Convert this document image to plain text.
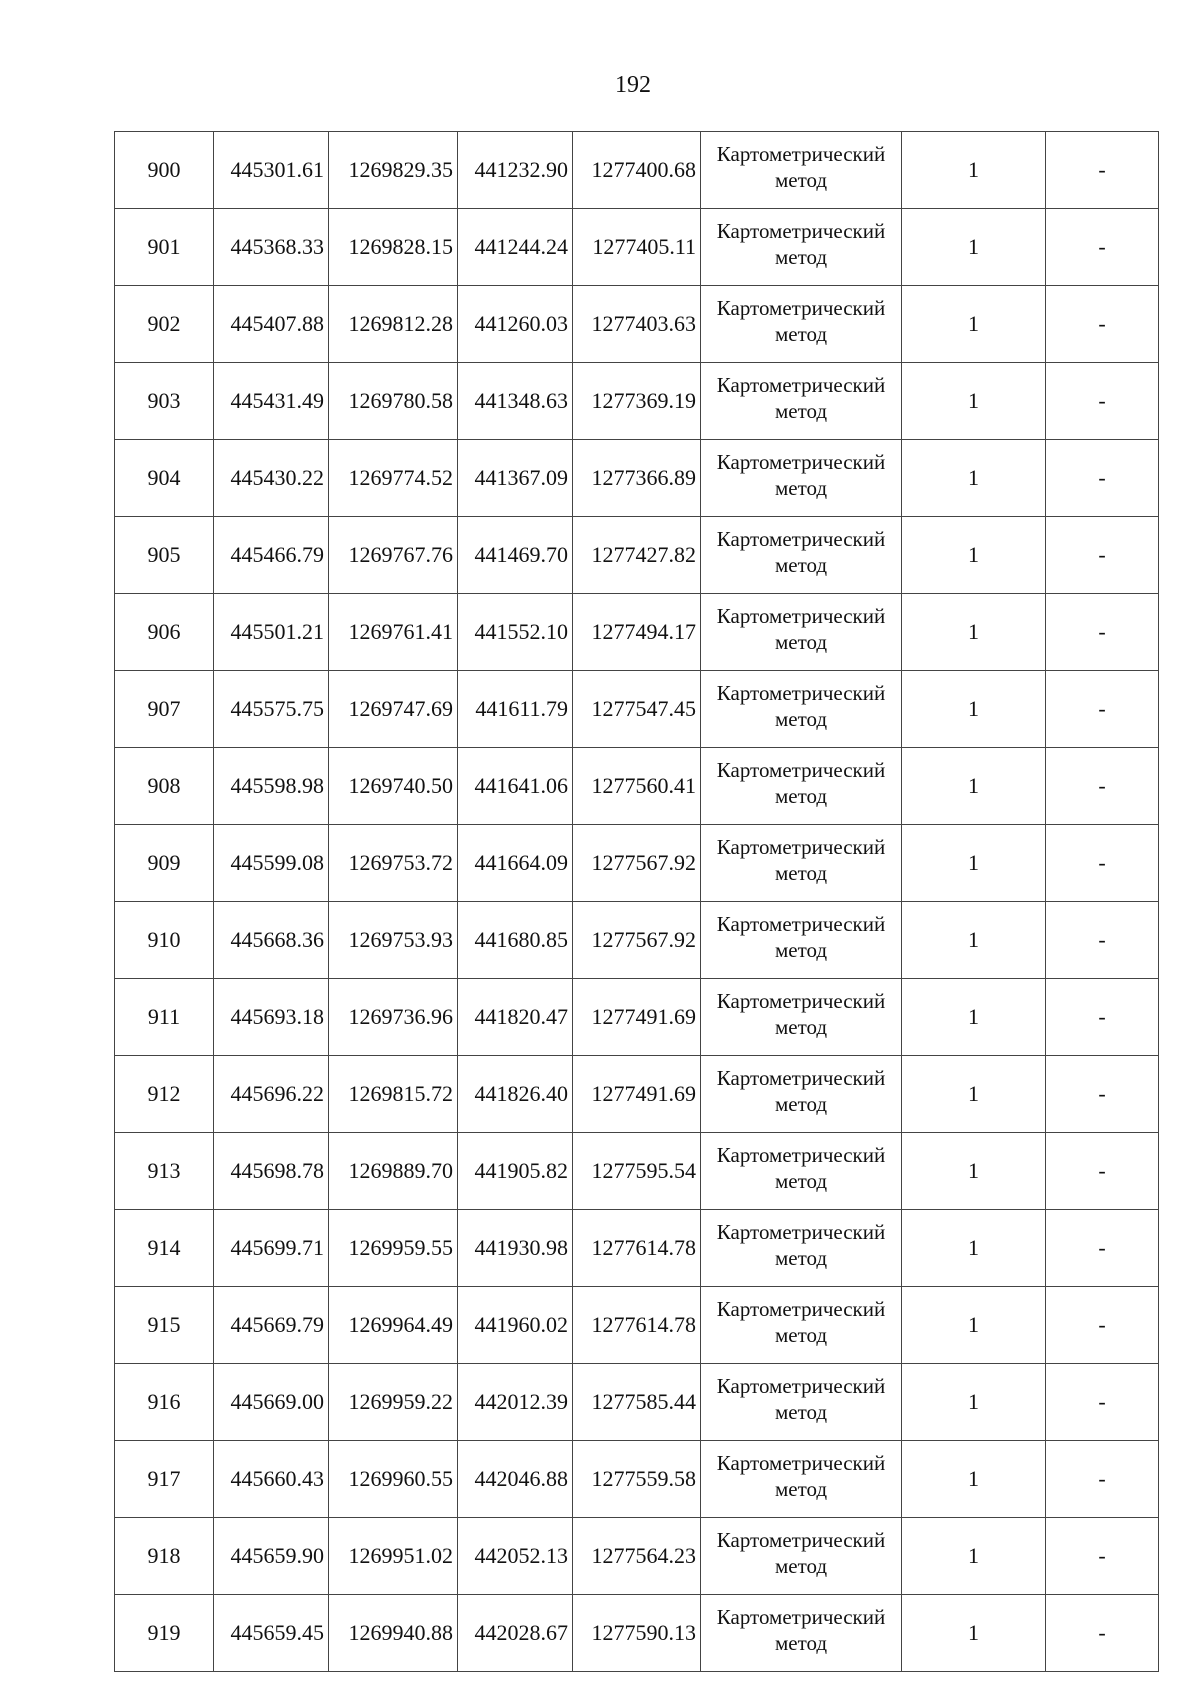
192
900	445301.61	1269829.35	441232.90	1277400.68	Картометрический
метод	1	-
901	445368.33	1269828.15	441244.24	1277405.11	Картометрический
метод	1	-
902	445407.88	1269812.28	441260.03	1277403.63	Картометрический
метод	1	-
903	445431.49	1269780.58	441348.63	1277369.19	Картометрический
метод	1	-
904	445430.22	1269774.52	441367.09	1277366.89	Картометрический
метод	1	-
905	445466.79	1269767.76	441469.70	1277427.82	Картометрический
метод	1	-
906	445501.21	1269761.41	441552.10	1277494.17	Картометрический
метод	1	-
907	445575.75	1269747.69	441611.79	1277547.45	Картометрический
метод	1	-
908	445598.98	1269740.50	441641.06	1277560.41	Картометрический
метод	1	-
909	445599.08	1269753.72	441664.09	1277567.92	Картометрический
метод	1	-
910	445668.36	1269753.93	441680.85	1277567.92	Картометрический
метод	1	-
911	445693.18	1269736.96	441820.47	1277491.69	Картометрический
метод	1	-
912	445696.22	1269815.72	441826.40	1277491.69	Картометрический
метод	1	-
913	445698.78	1269889.70	441905.82	1277595.54	Картометрический
метод	1	-
914	445699.71	1269959.55	441930.98	1277614.78	Картометрический
метод	1	-
915	445669.79	1269964.49	441960.02	1277614.78	Картометрический
метод	1	-
916	445669.00	1269959.22	442012.39	1277585.44	Картометрический
метод	1	-
917	445660.43	1269960.55	442046.88	1277559.58	Картометрический
метод	1	-
918	445659.90	1269951.02	442052.13	1277564.23	Картометрический
метод	1	-
919	445659.45	1269940.88	442028.67	1277590.13	Картометрический
метод	1	-
